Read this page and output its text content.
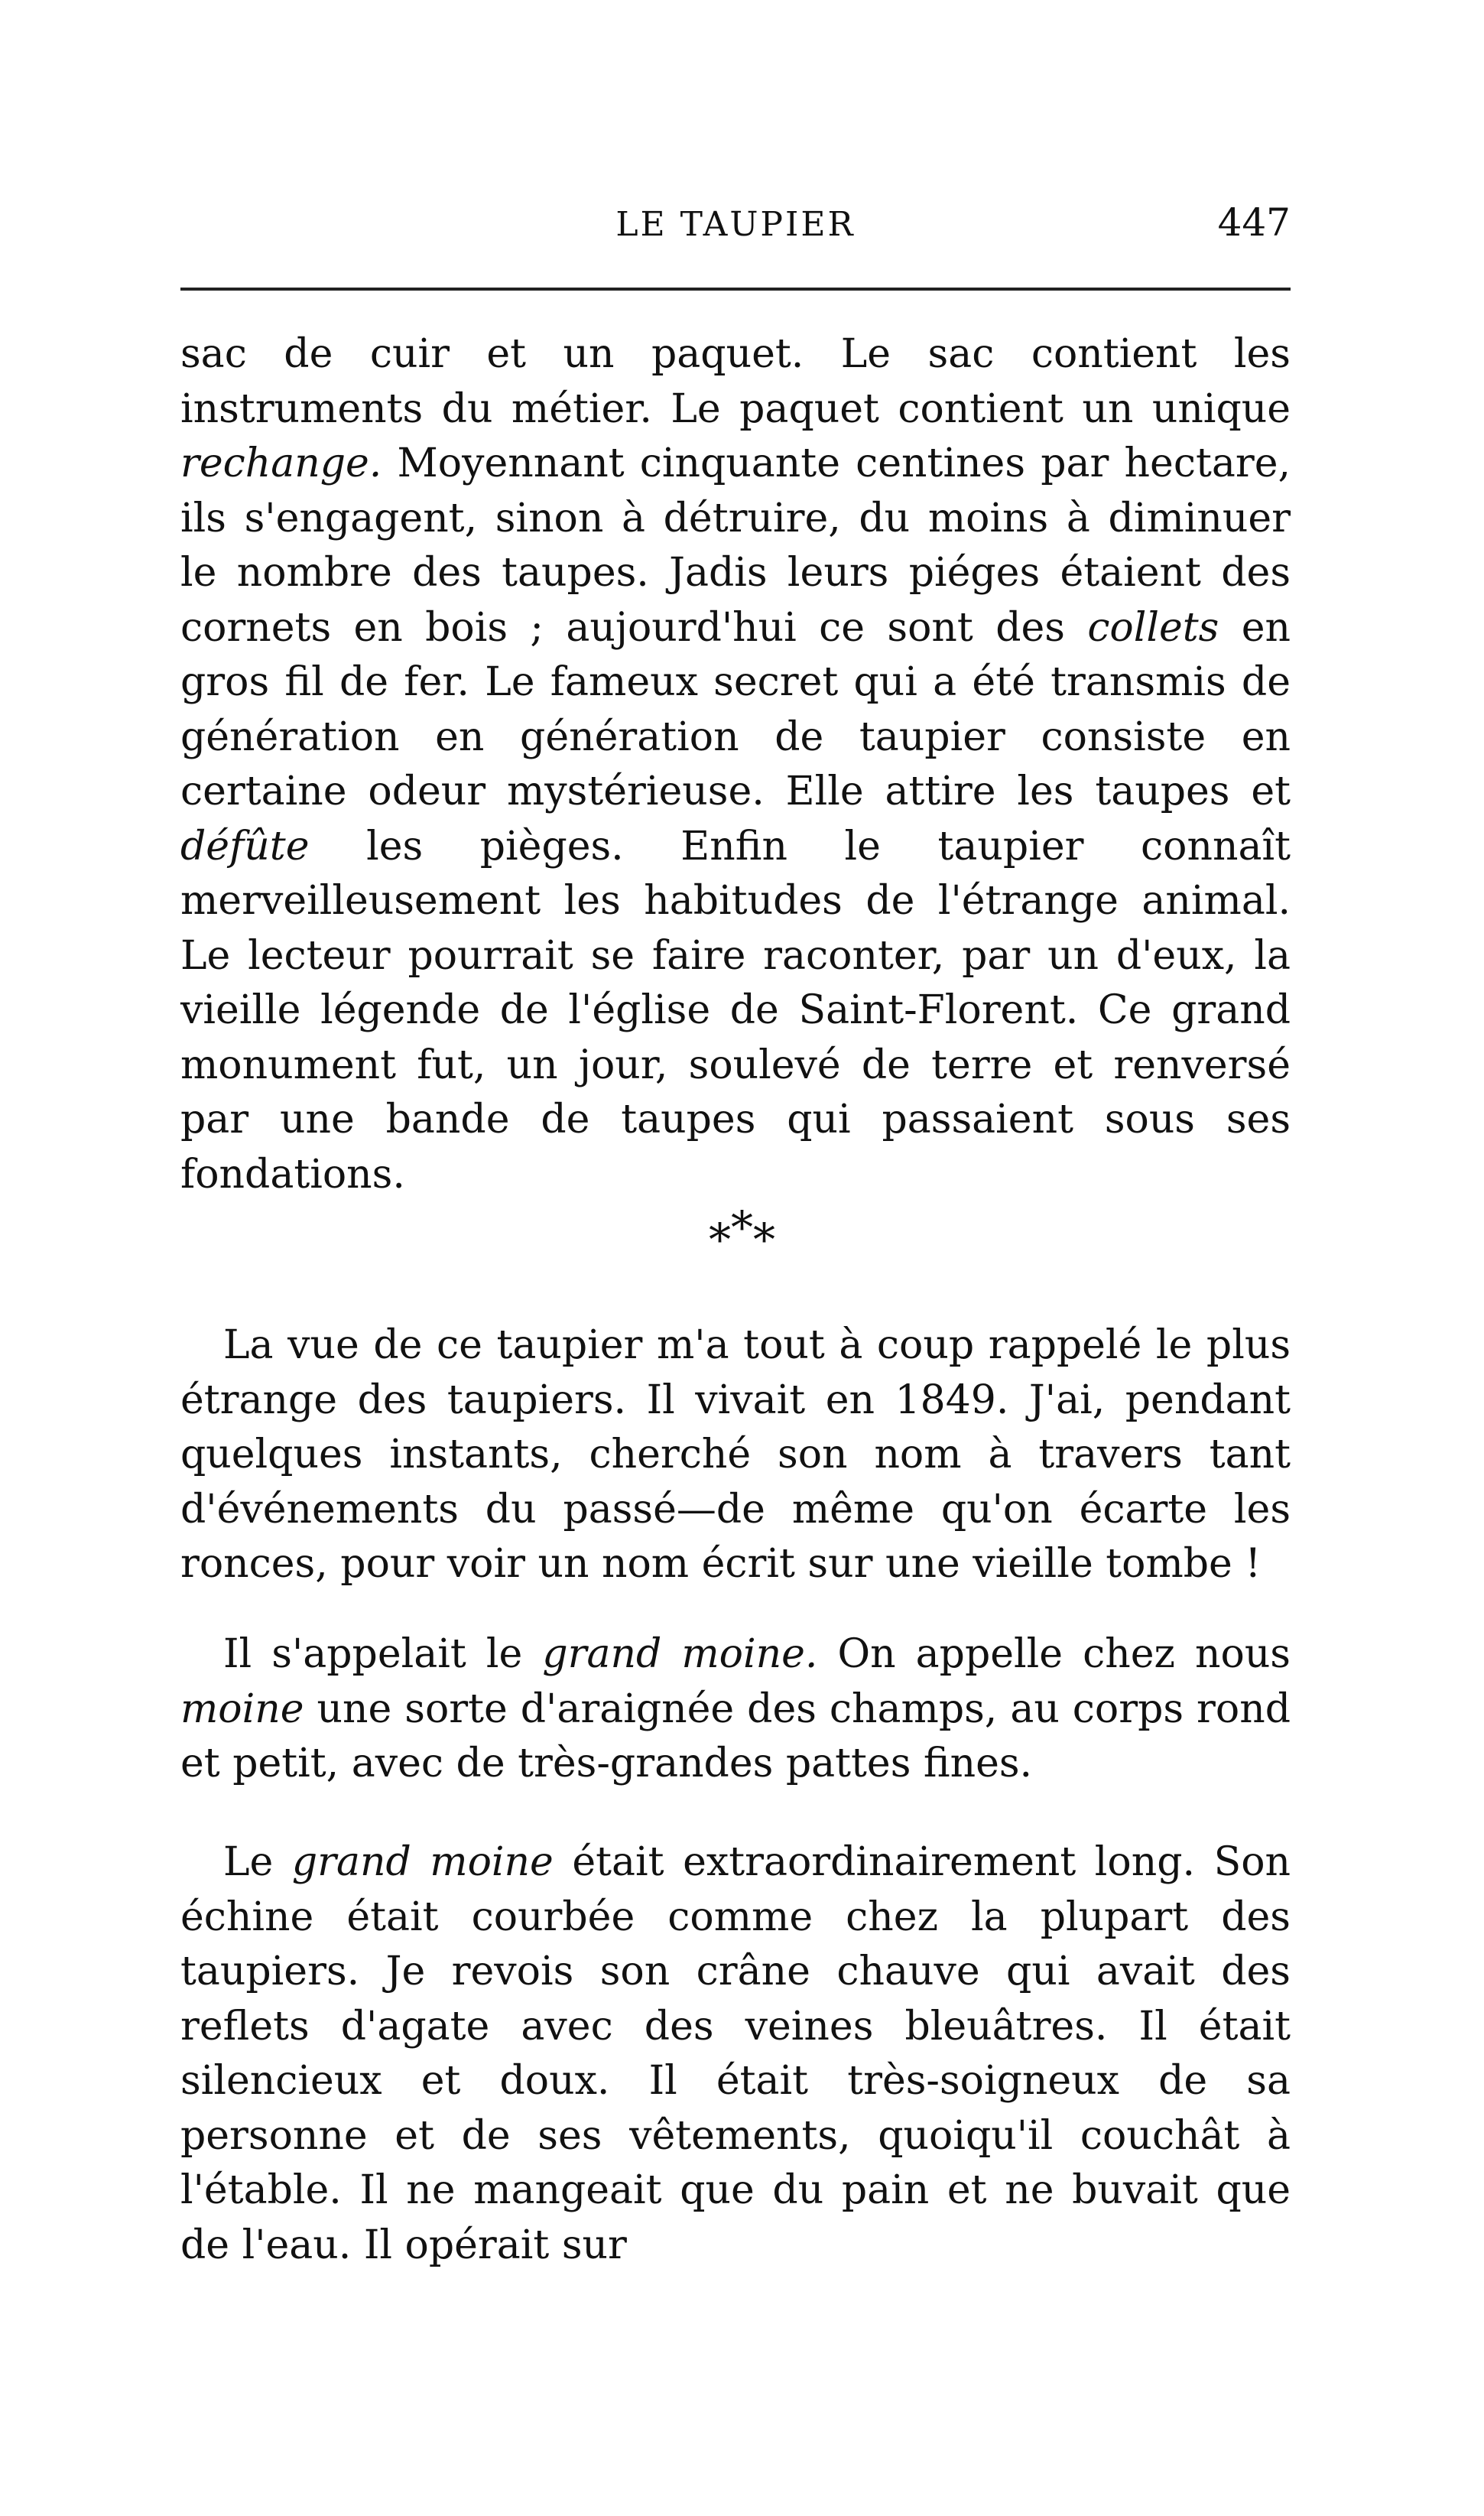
LE TAUPIER	447

sac de cuir et un paquet. Le sac contient les instruments du métier. Le paquet contient un unique rechange. Moyennant cinquante centines par hectare, ils s'engagent, sinon à détruire, du moins à diminuer le nombre des taupes. Jadis leurs piéges étaient des cornets en bois ; aujourd'hui ce sont des collets en gros fil de fer. Le fameux secret qui a été transmis de génération en génération de taupier consiste en certaine odeur mystérieuse. Elle attire les taupes et défûte les pièges. Enfin le taupier connaît merveilleusement les habitudes de l'étrange animal. Le lecteur pourrait se faire raconter, par un d'eux, la vieille légende de l'église de Saint-Florent. Ce grand monument fut, un jour, soulevé de terre et renversé par une bande de taupes qui passaient sous ses fondations.

***

La vue de ce taupier m'a tout à coup rappelé le plus étrange des taupiers. Il vivait en 1849. J'ai, pendant quelques instants, cherché son nom à travers tant d'événements du passé—de même qu'on écarte les ronces, pour voir un nom écrit sur une vieille tombe !

Il s'appelait le grand moine. On appelle chez nous moine une sorte d'araignée des champs, au corps rond et petit, avec de très-grandes pattes fines.

Le grand moine était extraordinairement long. Son échine était courbée comme chez la plupart des taupiers. Je revois son crâne chauve qui avait des reflets d'agate avec des veines bleuâtres. Il était silencieux et doux. Il était très-soigneux de sa personne et de ses vêtements, quoiqu'il couchât à l'étable. Il ne mangeait que du pain et ne buvait que de l'eau. Il opérait sur
